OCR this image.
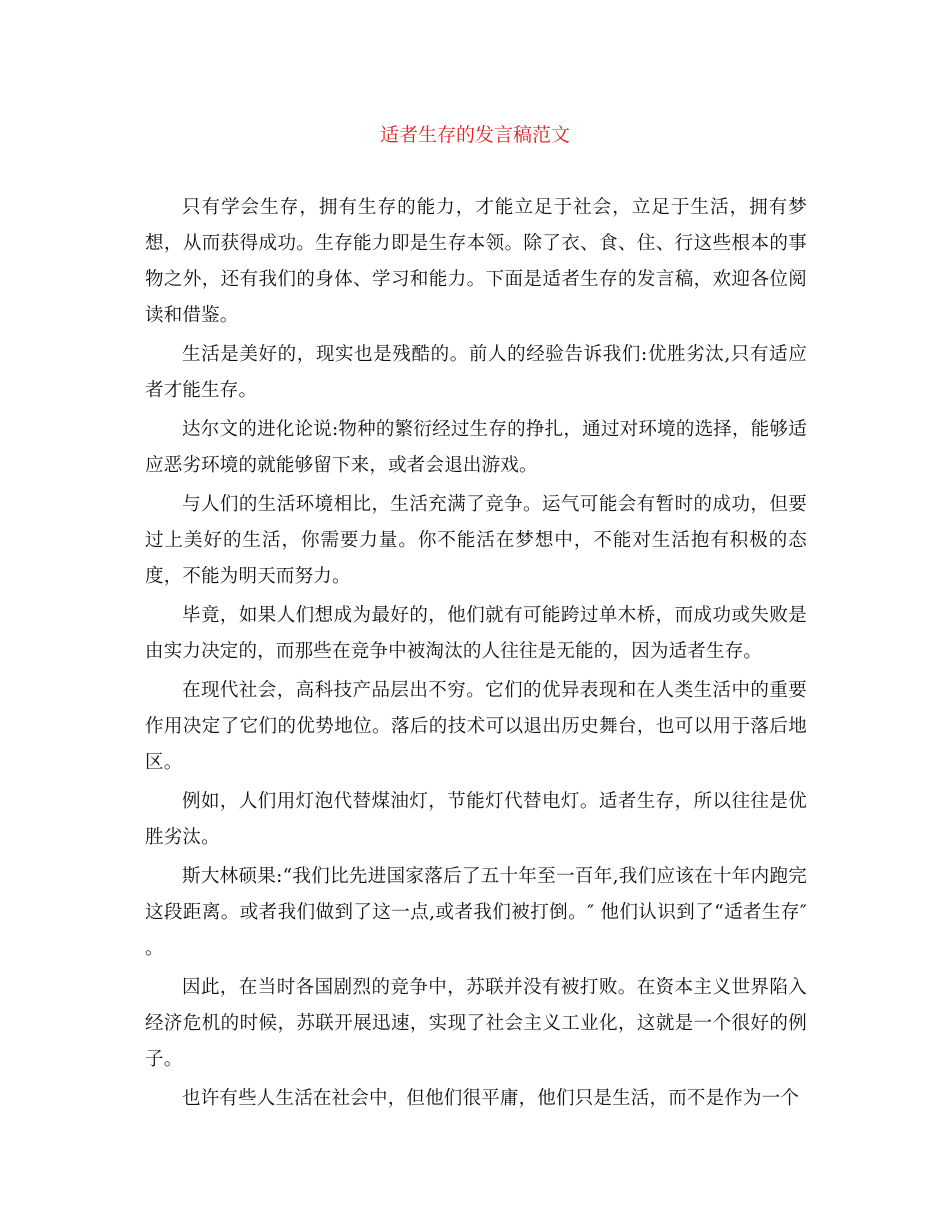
适者生存的发言稿范文

只有学会生存，拥有生存的能力，才能立足于社会，立足于生活，拥有梦想，从而获得成功。生存能力即是生存本领。除了衣、食、住、行这些根本的事物之外，还有我们的身体、学习和能力。下面是适者生存的发言稿，欢迎各位阅读和借鉴。

生活是美好的，现实也是残酷的。前人的经验告诉我们:优胜劣汰,只有适应者才能生存。

达尔文的进化论说:物种的繁衍经过生存的挣扎，通过对环境的选择，能够适应恶劣环境的就能够留下来，或者会退出游戏。

与人们的生活环境相比，生活充满了竞争。运气可能会有暂时的成功，但要过上美好的生活，你需要力量。你不能活在梦想中，不能对生活抱有积极的态度，不能为明天而努力。

毕竟，如果人们想成为最好的，他们就有可能跨过单木桥，而成功或失败是由实力决定的，而那些在竞争中被淘汰的人往往是无能的，因为适者生存。

在现代社会，高科技产品层出不穷。它们的优异表现和在人类生活中的重要作用决定了它们的优势地位。落后的技术可以退出历史舞台，也可以用于落后地区。

例如，人们用灯泡代替煤油灯，节能灯代替电灯。适者生存，所以往往是优胜劣汰。

斯大林硕果:“我们比先进国家落后了五十年至一百年,我们应该在十年内跑完这段距离。或者我们做到了这一点,或者我们被打倒。″ 他们认识到了“适者生存″ 。

因此，在当时各国剧烈的竞争中，苏联并没有被打败。在资本主义世界陷入经济危机的时候，苏联开展迅速，实现了社会主义工业化，这就是一个很好的例子。

也许有些人生活在社会中，但他们很平庸，他们只是生活，而不是作为一个
